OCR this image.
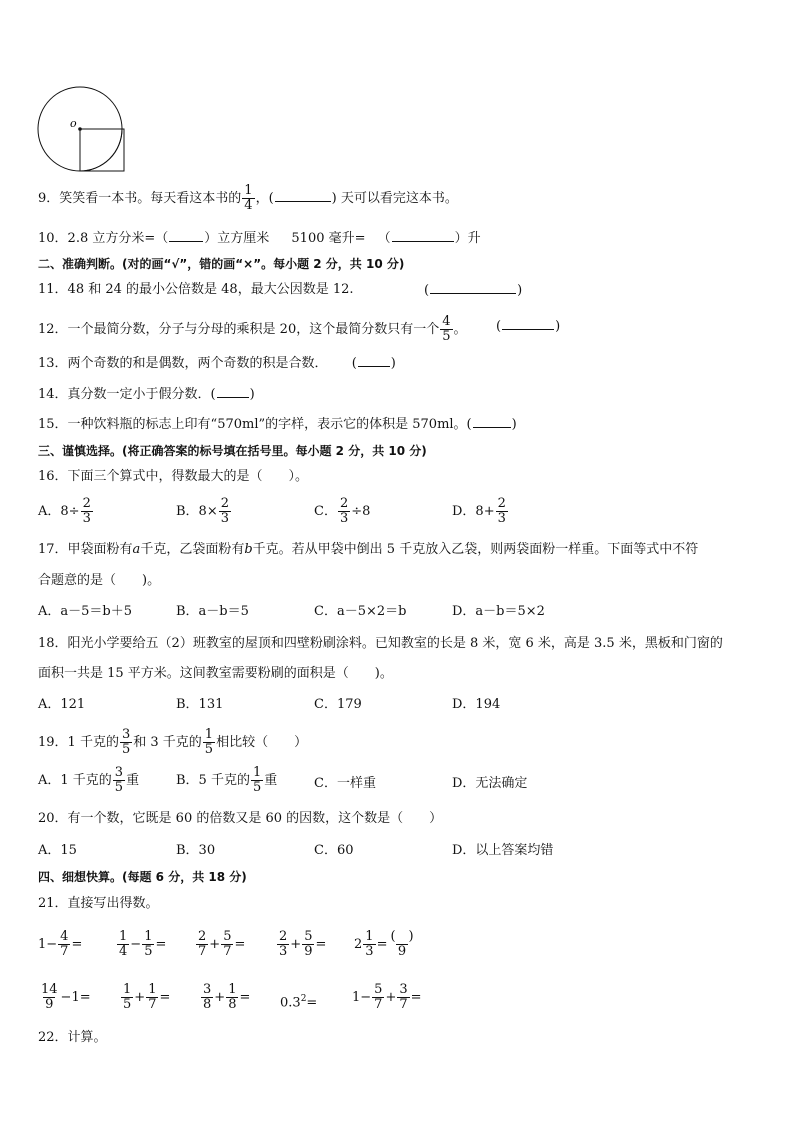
o
9．笑笑看一本书。每天看这本书的 $\frac{1}{4}$ ，(	) 天可以看完这本书。
10．2.8 立方分米=（	）立方厘米 5100 毫升= （	）升
二、准确判断。(对的画“√”，错的画“×”。每小题 2 分，共 10 分)
11．48 和 24 的最小公倍数是 48，最大公因数是 12.	(	)
12．一个最简分数，分子与分母的乘积是 20，这个最简分数只有一个 $\frac{4}{5}$ 。 (	)
13．两个奇数的和是偶数，两个奇数的积是合数． (	)
14．真分数一定小于假分数．(	)
15．一种饮料瓶的标志上印有“570ml”的字样，表示它的体积是 570ml。(	)
三、谨慎选择。(将正确答案的标号填在括号里。每小题 2 分，共 10 分)
16．下面三个算式中，得数最大的是（　　）。
A．$8\div \frac{2}{3}$	B．$8\times \frac{2}{3}$	C． $\frac{2}{3} \div 8$	D．$8+ \frac{2}{3}$
17．甲袋面粉有a千克，乙袋面粉有b千克。若从甲袋中倒出 5 千克放入乙袋，则两袋面粉一样重。下面等式中不符
合题意的是（　　)。
A．a－5＝b＋5	B．a－b＝5	C．a－5×2＝b	D．a－b＝5×2
18．阳光小学要给五（2）班教室的屋顶和四壁粉刷涂料。已知教室的长是 8 米，宽 6 米，高是 3.5 米，黑板和门窗的
面积一共是 15 平方米。这间教室需要粉刷的面积是（　　)。
A．121	B．131	C．179	D．194
19．1 千克的 $\frac{3}{5}$ 和 3 千克的 $\frac{1}{5}$ 相比较（　　）
A．1 千克的 $\frac{3}{5}$ 重	B．5 千克的 $\frac{1}{5}$ 重	C．一样重	D．无法确定
20．有一个数，它既是 60 的倍数又是 60 的因数，这个数是（　　）
A．15	B．30	C．60	D．以上答案均错
四、细想快算。(每题 6 分，共 18 分)
21．直接写出得数。
$1- \frac{4}{7}$ =	$\frac{1}{4} - \frac{1}{5} = \frac{2}{7} + \frac{5}{7} = \frac{2}{3} + \frac{5}{9} = 2 \frac{1}{3} = \frac{( )}{9}$
$\frac{14}{9} -1= \frac{1}{5} + \frac{1}{7} = \frac{3}{8} + \frac{1}{8} = 0.3^2=$	$1- \frac{5}{7} + \frac{3}{7}$ =
22．计算。
